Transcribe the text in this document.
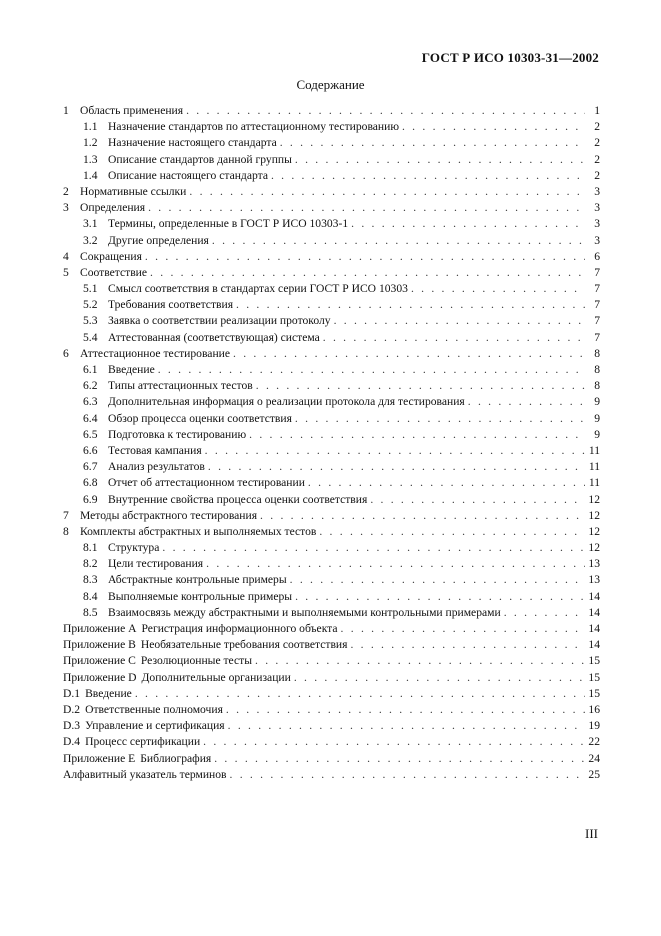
ГОСТ Р ИСО 10303-31—2002
Содержание
1 Область применения . . .	1
1.1 Назначение стандартов по аттестационному тестированию . . .	2
1.2 Назначение настоящего стандарта . . .	2
1.3 Описание стандартов данной группы . . .	2
1.4 Описание настоящего стандарта . . .	2
2 Нормативные ссылки . . .	3
3 Определения . . .	3
3.1 Термины, определенные в ГОСТ Р ИСО 10303-1 . . .	3
3.2 Другие определения . . .	3
4 Сокращения . . .	6
5 Соответствие . . .	7
5.1 Смысл соответствия в стандартах серии ГОСТ Р ИСО 10303 . . .	7
5.2 Требования соответствия . . .	7
5.3 Заявка о соответствии реализации протоколу . . .	7
5.4 Аттестованная (соответствующая) система . . .	7
6 Аттестационное тестирование . . .	8
6.1 Введение . . .	8
6.2 Типы аттестационных тестов . . .	8
6.3 Дополнительная информация о реализации протокола для тестирования . . .	9
6.4 Обзор процесса оценки соответствия . . .	9
6.5 Подготовка к тестированию . . .	9
6.6 Тестовая кампания . . .	11
6.7 Анализ результатов . . .	11
6.8 Отчет об аттестационном тестировании . . .	11
6.9 Внутренние свойства процесса оценки соответствия . . .	12
7 Методы абстрактного тестирования . . .	12
8 Комплекты абстрактных и выполняемых тестов . . .	12
8.1 Структура . . .	12
8.2 Цели тестирования . . .	13
8.3 Абстрактные контрольные примеры . . .	13
8.4 Выполняемые контрольные примеры . . .	14
8.5 Взаимосвязь между абстрактными и выполняемыми контрольными примерами . . .	14
Приложение А Регистрация информационного объекта . . .	14
Приложение В Необязательные требования соответствия . . .	14
Приложение С Резолюционные тесты . . .	15
Приложение D Дополнительные организации . . .	15
D.1 Введение . . .	15
D.2 Ответственные полномочия . . .	16
D.3 Управление и сертификация . . .	19
D.4 Процесс сертификации . . .	22
Приложение Е Библиография . . .	24
Алфавитный указатель терминов . . .	25
III
